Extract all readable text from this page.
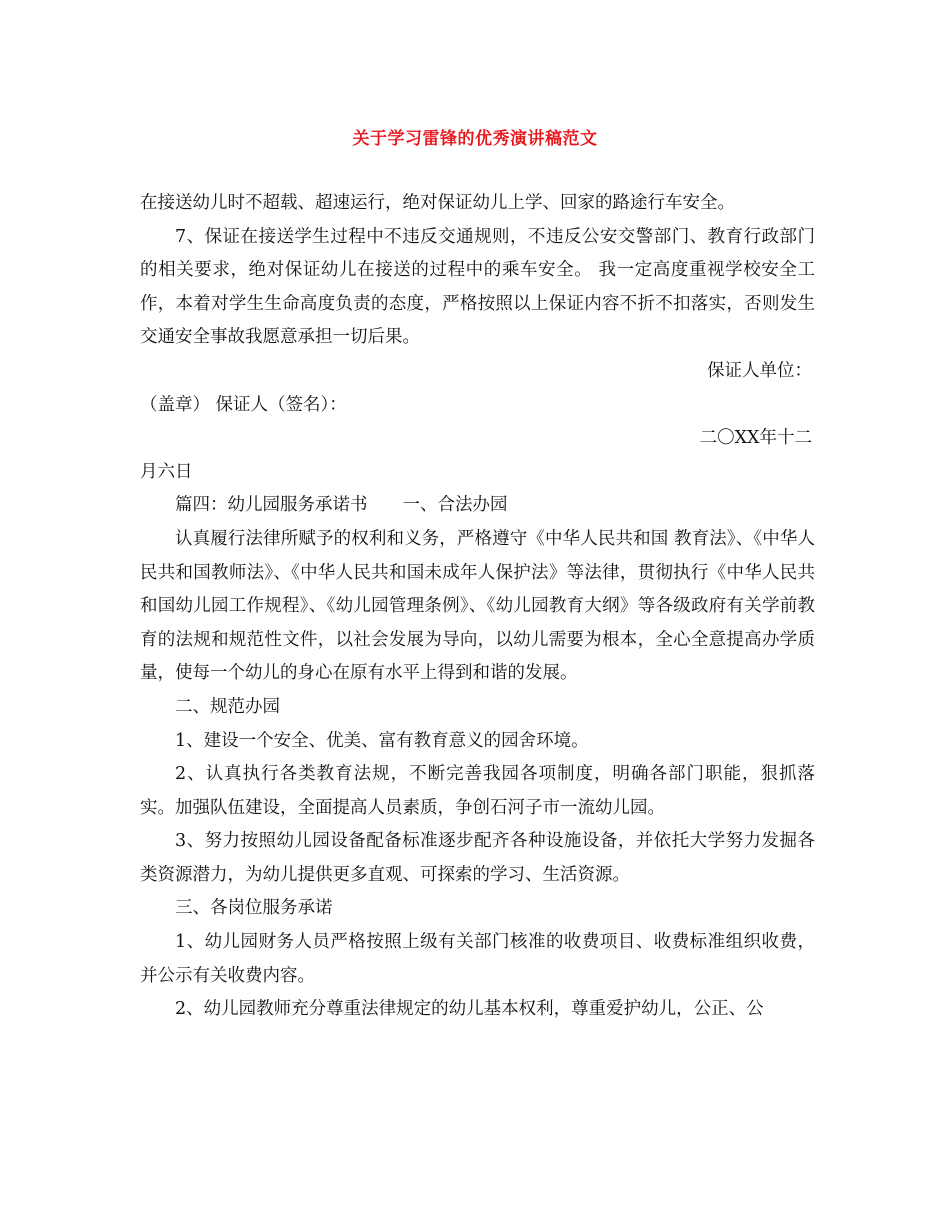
关于学习雷锋的优秀演讲稿范文

在接送幼儿时不超载、超速运行，绝对保证幼儿上学、回家的路途行车安全。

7、保证在接送学生过程中不违反交通规则，不违反公安交警部门、教育行政部门的相关要求，绝对保证幼儿在接送的过程中的乘车安全。 我一定高度重视学校安全工作，本着对学生生命高度负责的态度，严格按照以上保证内容不折不扣落实，否则发生交通安全事故我愿意承担一切后果。

保证人单位：

（盖章） 保证人（签名）：

二〇XX年十二

月六日

篇四：幼儿园服务承诺书　　一、合法办园

认真履行法律所赋予的权利和义务，严格遵守《中华人民共和国 教育法》、《中华人民共和国教师法》、《中华人民共和国未成年人保护法》等法律，贯彻执行《中华人民共和国幼儿园工作规程》、《幼儿园管理条例》、《幼儿园教育大纲》等各级政府有关学前教育的法规和规范性文件，以社会发展为导向，以幼儿需要为根本，全心全意提高办学质量，使每一个幼儿的身心在原有水平上得到和谐的发展。

二、规范办园

1、建设一个安全、优美、富有教育意义的园舍环境。

2、认真执行各类教育法规，不断完善我园各项制度，明确各部门职能，狠抓落实。加强队伍建设，全面提高人员素质，争创石河子市一流幼儿园。

3、努力按照幼儿园设备配备标准逐步配齐各种设施设备，并依托大学努力发掘各类资源潜力，为幼儿提供更多直观、可探索的学习、生活资源。

三、各岗位服务承诺

1、幼儿园财务人员严格按照上级有关部门核准的收费项目、收费标准组织收费，并公示有关收费内容。

2、幼儿园教师充分尊重法律规定的幼儿基本权利，尊重爱护幼儿，公正、公
